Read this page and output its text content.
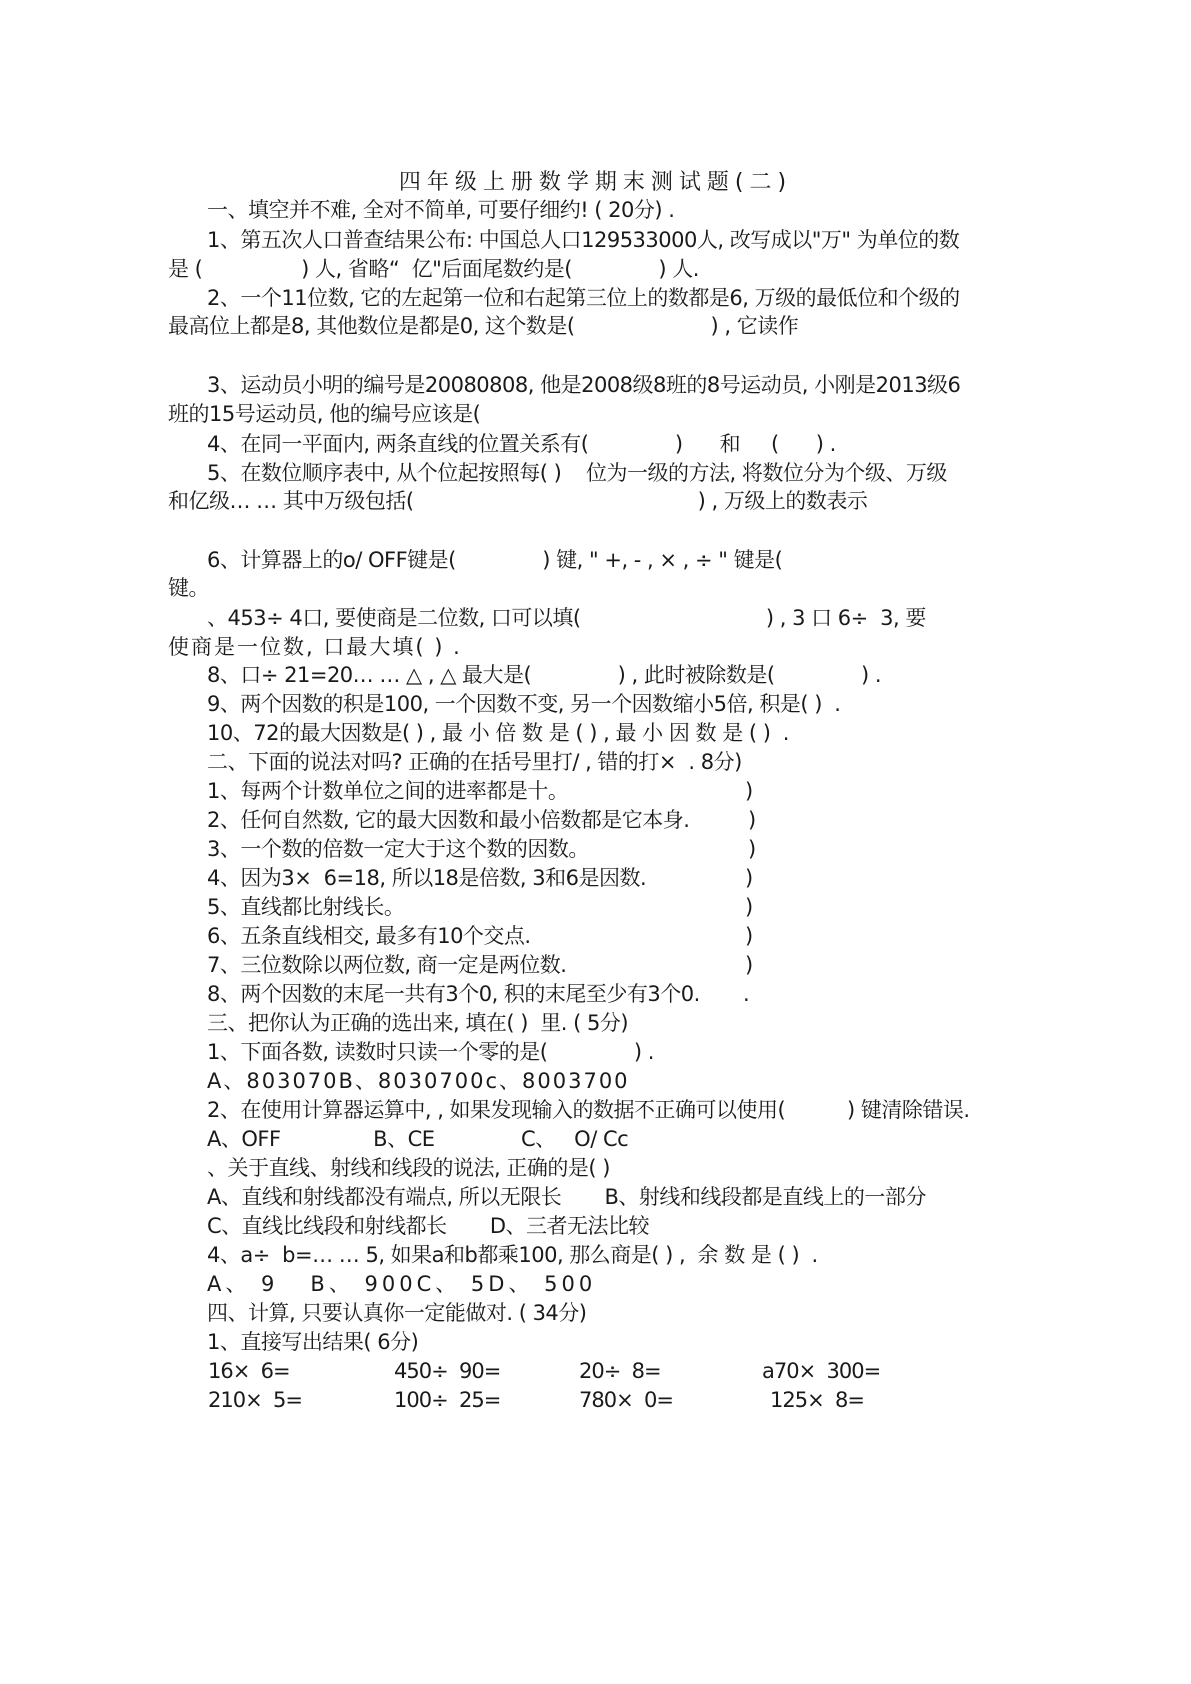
四年级上册数学期末测试题(二)
一、填空并不难, 全对不简单, 可要仔细约! ( 20分) .
1、第五次人口普查结果公布: 中国总人口129533000人, 改写成以"万" 为单位的数
是 (                ) 人, 省略“  亿"后面尾数约是(              ) 人.
2、一个11位数, 它的左起第一位和右起第三位上的数都是6, 万级的最低位和个级的
最高位上都是8, 其他数位是都是0, 这个数是(                      ) , 它读作
3、运动员小明的编号是20080808, 他是2008级8班的8号运动员, 小刚是2013级6
班的15号运动员, 他的编号应该是(
4、在同一平面内, 两条直线的位置关系有(              )      和     (      ) .
5、在数位顺序表中, 从个位起按照每( )    位为一级的方法, 将数位分为个级、万级
和亿级… … 其中万级包括(                                              ) , 万级上的数表示
6、计算器上的o/ OFF键是(              ) 键, " +, - , × , ÷ " 键是(
键。
、453÷ 4口, 要使商是二位数, 口可以填(                              ) , 3 口 6÷  3, 要
使商是一位数, 口最大填( ) .
8、口÷ 21=20… … △ , △ 最大是(              ) , 此时被除数是(              ) .
9、两个因数的积是100, 一个因数不变, 另一个因数缩小5倍, 积是( )  .
10、72的最大因数是( ) , 最 小 倍 数 是 ( ) , 最 小 因 数 是 ( )  .
二、下面的说法对吗? 正确的在括号里打/ , 错的打×  . 8分)
1、每两个计数单位之间的进率都是十。	)
2、任何自然数, 它的最大因数和最小倍数都是它本身.	)
3、一个数的倍数一定大于这个数的因数。	)
4、因为3×  6=18, 所以18是倍数, 3和6是因数.	)
5、直线都比射线长。	)
6、五条直线相交, 最多有10个交点.	)
7、三位数除以两位数, 商一定是两位数.	)
8、两个因数的末尾一共有3个0, 积的末尾至少有3个0. .
三、把你认为正确的选出来, 填在( )  里. ( 5分)
1、下面各数, 读数时只读一个零的是(              ) .
A、803070B、8030700c、8003700
2、在使用计算器运算中, , 如果发现输入的数据不正确可以使用(          ) 键清除错误.
A、OFF               B、CE              C、   O/ Cc
、关于直线、射线和线段的说法, 正确的是( )
A、直线和射线都没有端点, 所以无限长       B、射线和线段都是直线上的一部分
C、直线比线段和射线都长       D、三者无法比较
4、a÷  b=… … 5, 如果a和b都乘100, 那么商是( ) ,  余 数 是 ( )  .
A、 9   B、 900C、 5D、 500
四、计算, 只要认真你一定能做对. ( 34分)
1、直接写出结果( 6分)
16×  6=	450÷  90=	20÷  8=	a70×  300=
210×  5=	100÷  25=	780×  0=	125×  8=
